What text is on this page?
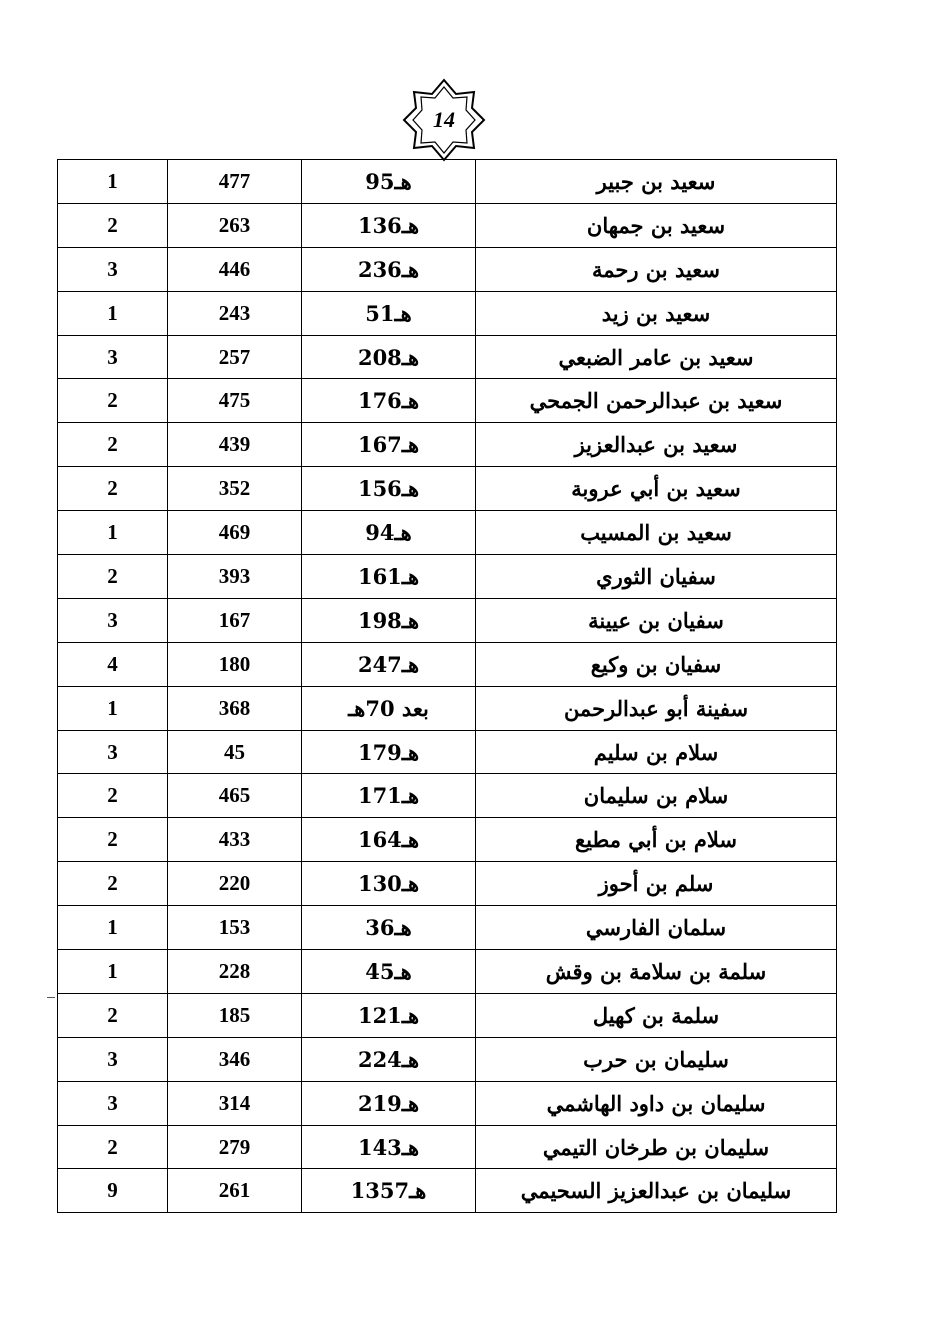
14
1	477	95هـ	سعيد بن جبير
2	263	136هـ	سعيد بن جمهان
3	446	236هـ	سعيد بن رحمة
1	243	51هـ	سعيد بن زيد
3	257	208هـ	سعيد بن عامر الضبعي
2	475	176هـ	سعيد بن عبدالرحمن الجمحي
2	439	167هـ	سعيد بن عبدالعزيز
2	352	156هـ	سعيد بن أبي عروبة
1	469	94هـ	سعيد بن المسيب
2	393	161هـ	سفيان الثوري
3	167	198هـ	سفيان بن عيينة
4	180	247هـ	سفيان بن وكيع
1	368	بعد 70هـ	سفينة أبو عبدالرحمن
3	45	179هـ	سلام بن سليم
2	465	171هـ	سلام بن سليمان
2	433	164هـ	سلام بن أبي مطيع
2	220	130هـ	سلم بن أحوز
1	153	36هـ	سلمان الفارسي
1	228	45هـ	سلمة بن سلامة بن وقش
2	185	121هـ	سلمة بن كهيل
3	346	224هـ	سليمان بن حرب
3	314	219هـ	سليمان بن داود الهاشمي
2	279	143هـ	سليمان بن طرخان التيمي
9	261	1357هـ	سليمان بن عبدالعزيز السحيمي
